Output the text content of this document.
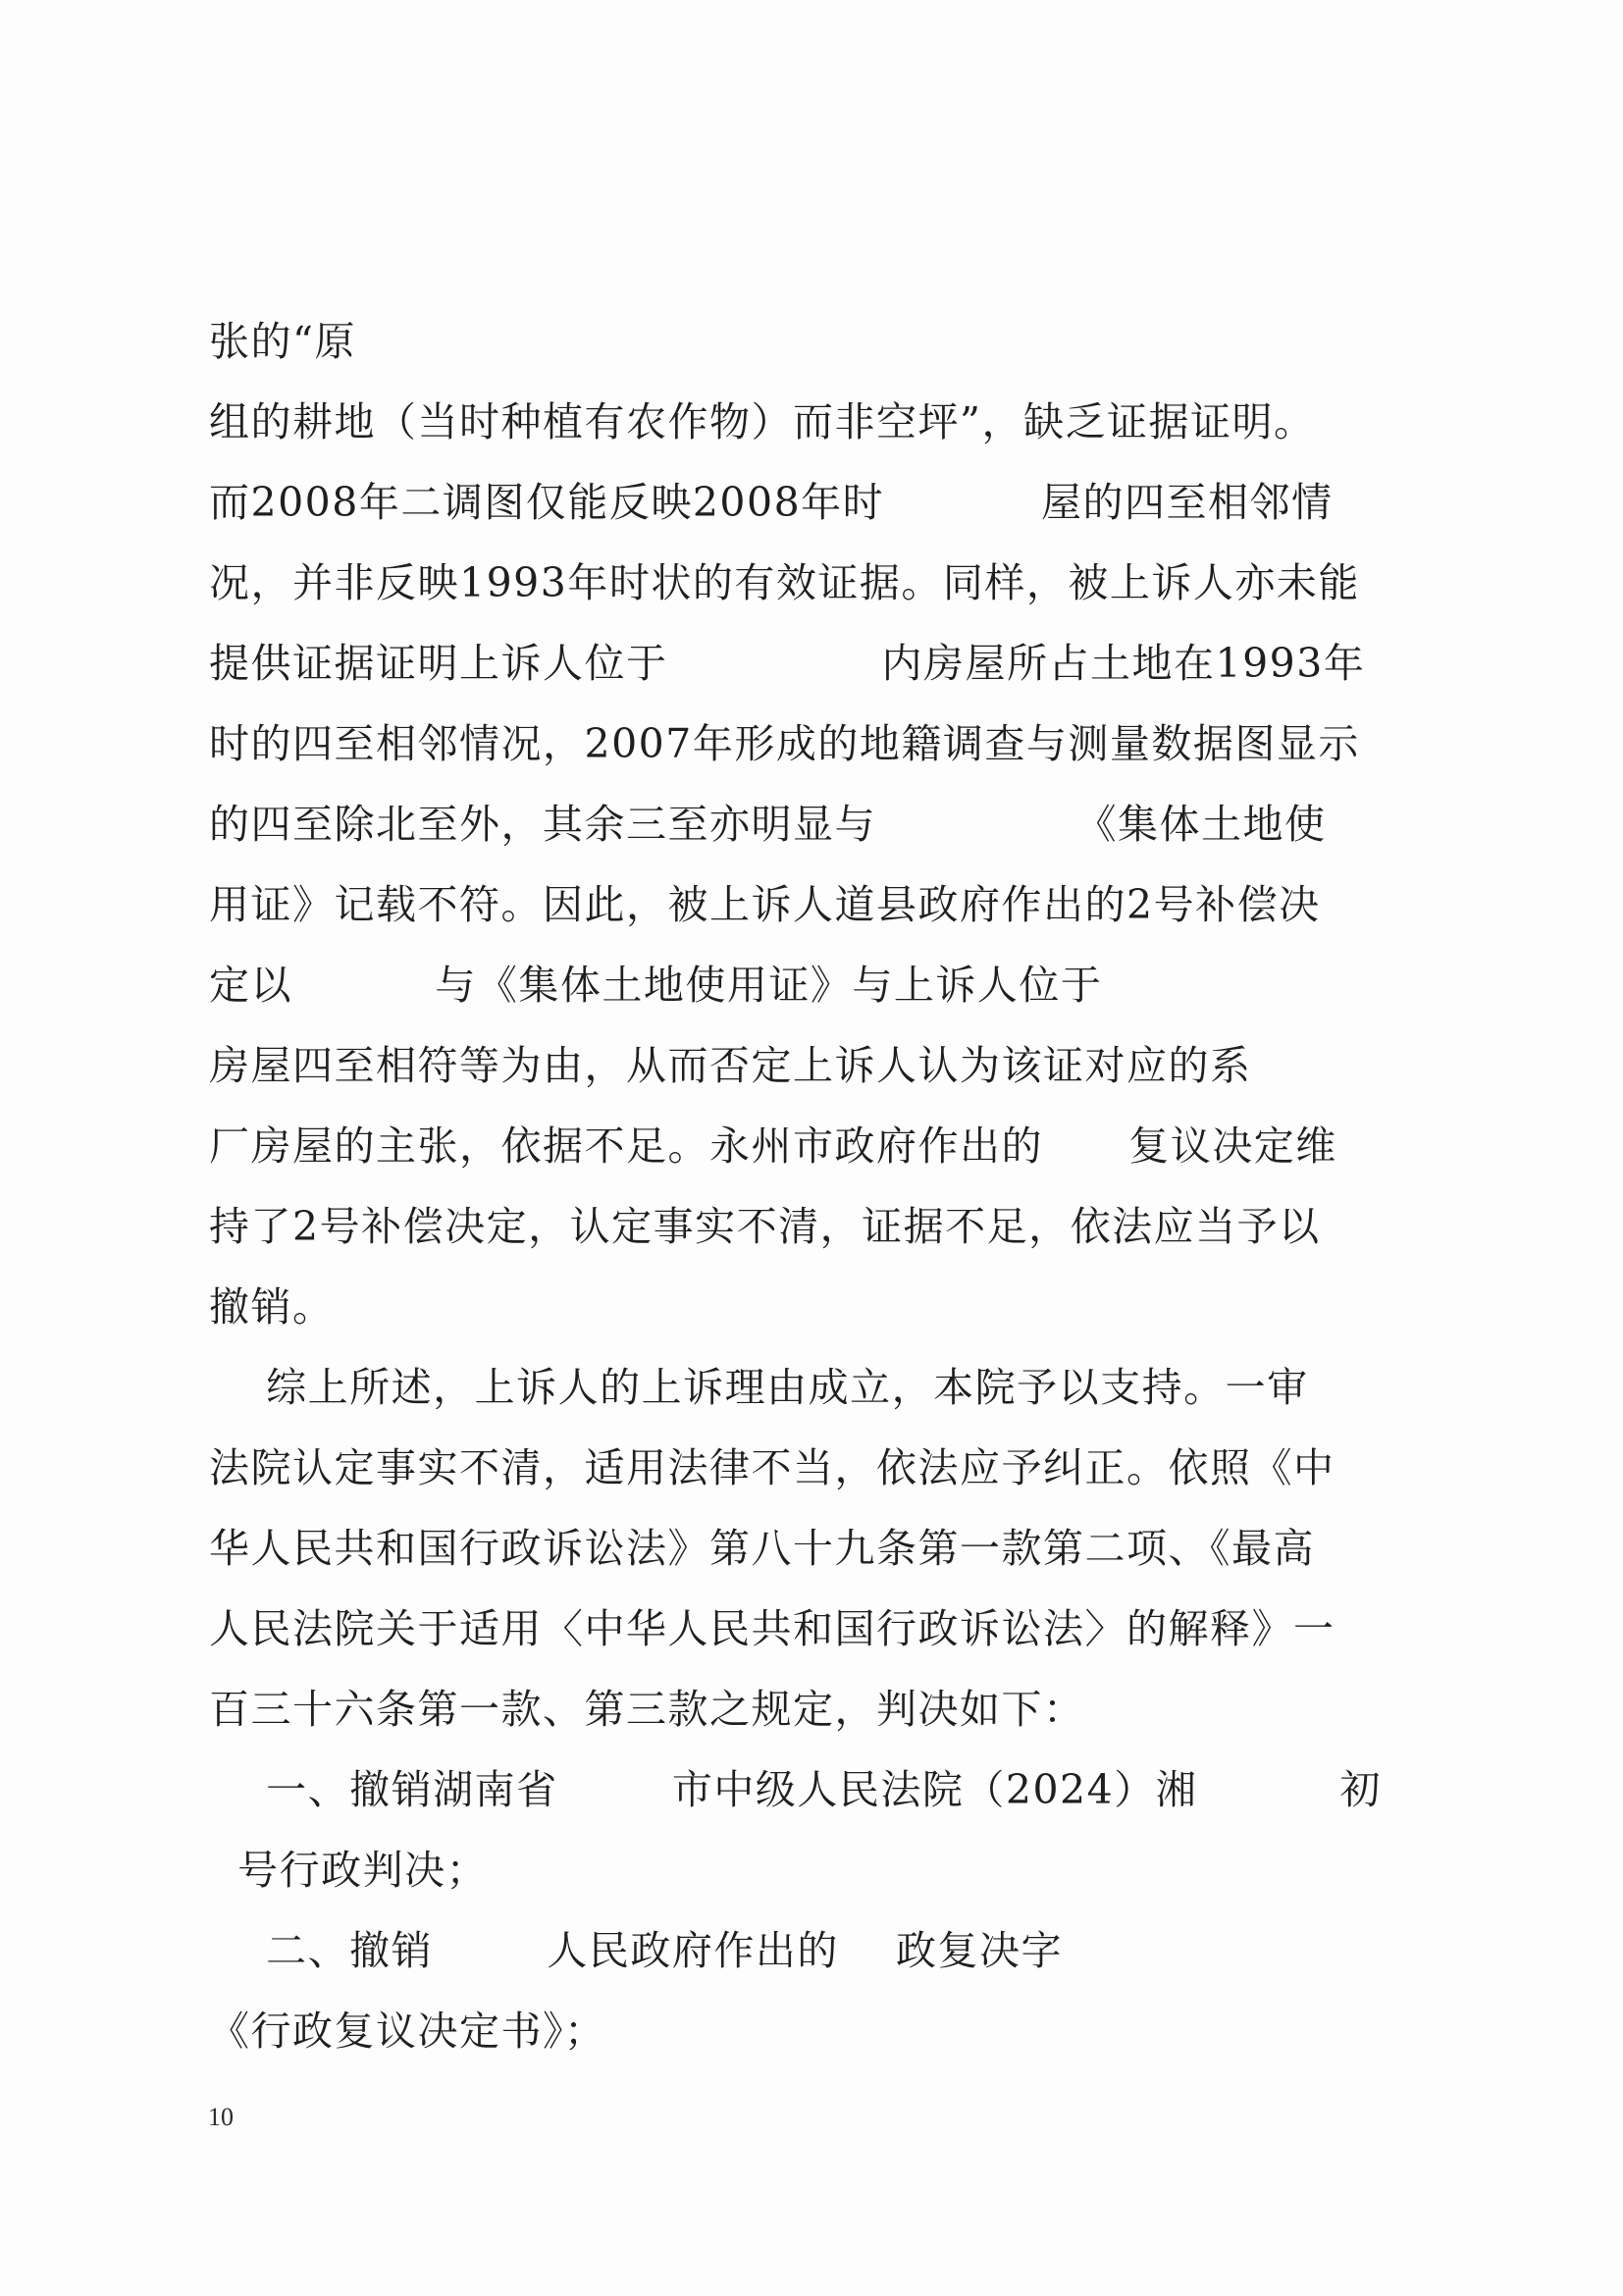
张的“原
组的耕地（当时种植有农作物）而非空坪”，缺乏证据证明。
而2008年二调图仅能反映2008年时           屋的四至相邻情
况，并非反映1993年时状的有效证据。同样，被上诉人亦未能
提供证据证明上诉人位于               内房屋所占土地在1993年
时的四至相邻情况，2007年形成的地籍调查与测量数据图显示
的四至除北至外，其余三至亦明显与              《集体土地使
用证》记载不符。因此，被上诉人道县政府作出的2号补偿决
定以          与《集体土地使用证》与上诉人位于
房屋四至相符等为由，从而否定上诉人认为该证对应的系
厂房屋的主张，依据不足。永州市政府作出的      复议决定维
持了2号补偿决定，认定事实不清，证据不足，依法应当予以
撤销。
综上所述，上诉人的上诉理由成立，本院予以支持。一审
法院认定事实不清，适用法律不当，依法应予纠正。依照《中
华人民共和国行政诉讼法》第八十九条第一款第二项、《最高
人民法院关于适用〈中华人民共和国行政诉讼法〉的解释》一
百三十六条第一款、第三款之规定，判决如下：
一、撤销湖南省        市中级人民法院（2024）湘          初
号行政判决；
二、撤销        人民政府作出的    政复决字
《行政复议决定书》；
10
